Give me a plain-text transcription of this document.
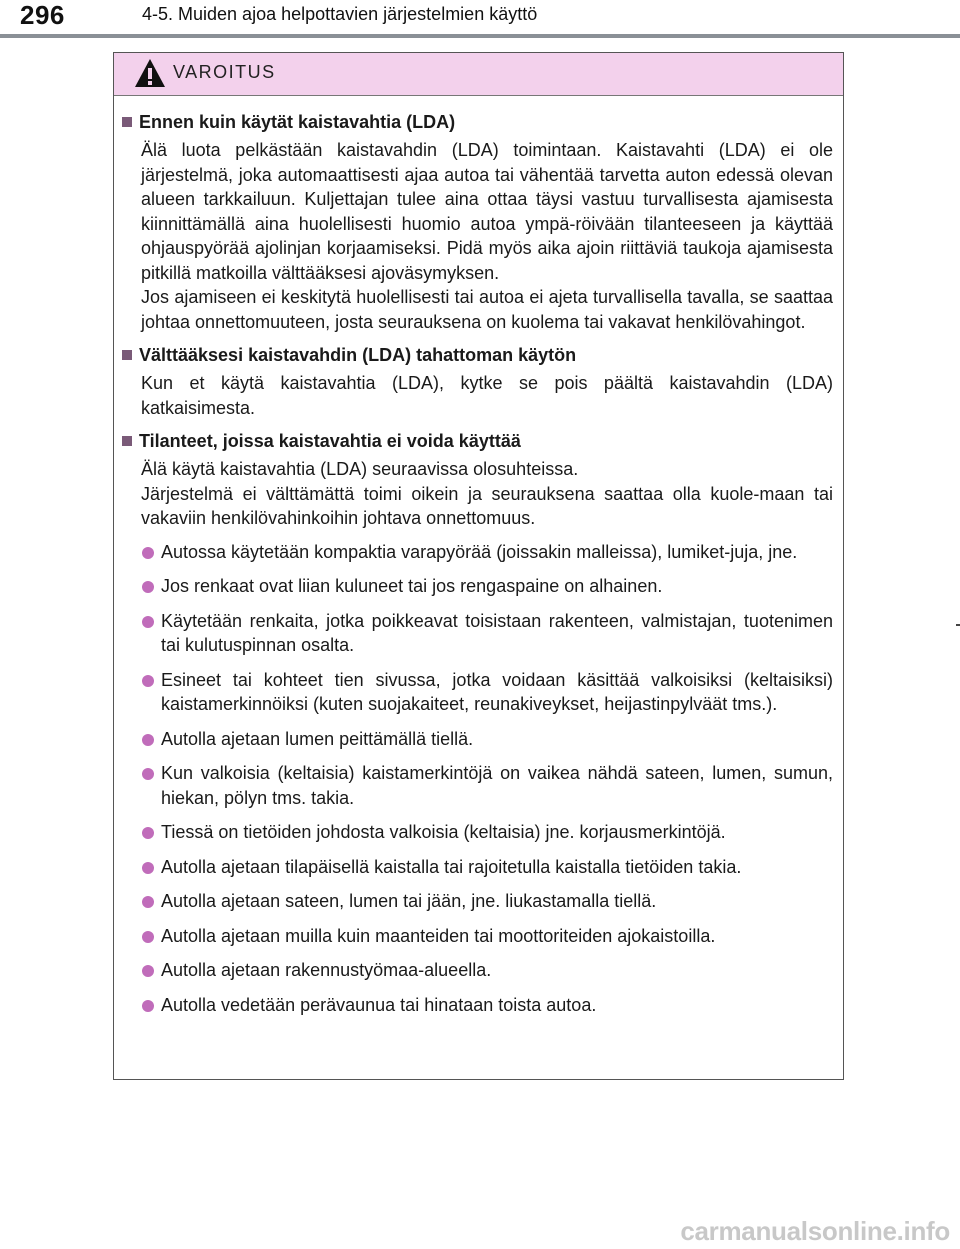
296	4-5. Muiden ajoa helpottavien järjestelmien käyttö
VAROITUS
Ennen kuin käytät kaistavahtia (LDA)

Älä luota pelkästään kaistavahdin (LDA) toimintaan. Kaistavahti (LDA) ei ole järjestelmä, joka automaattisesti ajaa autoa tai vähentää tarvetta auton edessä olevan alueen tarkkailuun. Kuljettajan tulee aina ottaa täysi vastuu turvallisesta ajamisesta kiinnittämällä aina huolellisesti huomio autoa ympä-röivään tilanteeseen ja käyttää ohjauspyörää ajolinjan korjaamiseksi. Pidä myös aika ajoin riittäviä taukoja ajamisesta pitkillä matkoilla välttääksesi ajoväsymyksen.

Jos ajamiseen ei keskitytä huolellisesti tai autoa ei ajeta turvallisella tavalla, se saattaa johtaa onnettomuuteen, josta seurauksena on kuolema tai vakavat henkilövahingot.

Välttääksesi kaistavahdin (LDA) tahattoman käytön

Kun et käytä kaistavahtia (LDA), kytke se pois päältä kaistavahdin (LDA) katkaisimesta.

Tilanteet, joissa kaistavahtia ei voida käyttää

Älä käytä kaistavahtia (LDA) seuraavissa olosuhteissa.

Järjestelmä ei välttämättä toimi oikein ja seurauksena saattaa olla kuole-maan tai vakaviin henkilövahinkoihin johtava onnettomuus.

Autossa käytetään kompaktia varapyörää (joissakin malleissa), lumiket-juja, jne.
Jos renkaat ovat liian kuluneet tai jos rengaspaine on alhainen.
Käytetään renkaita, jotka poikkeavat toisistaan rakenteen, valmistajan, tuotenimen tai kulutuspinnan osalta.
Esineet tai kohteet tien sivussa, jotka voidaan käsittää valkoisiksi (keltaisiksi) kaistamerkinnöiksi (kuten suojakaiteet, reunakiveykset, heijastinpylväät tms.).
Autolla ajetaan lumen peittämällä tiellä.
Kun valkoisia (keltaisia) kaistamerkintöjä on vaikea nähdä sateen, lumen, sumun, hiekan, pölyn tms. takia.
Tiessä on tietöiden johdosta valkoisia (keltaisia) jne. korjausmerkintöjä.
Autolla ajetaan tilapäisellä kaistalla tai rajoitetulla kaistalla tietöiden takia.
Autolla ajetaan sateen, lumen tai jään, jne. liukastamalla tiellä.
Autolla ajetaan muilla kuin maanteiden tai moottoriteiden ajokaistoilla.
Autolla ajetaan rakennustyömaa-alueella.
Autolla vedetään perävaunua tai hinataan toista autoa.
carmanualsonline.info
